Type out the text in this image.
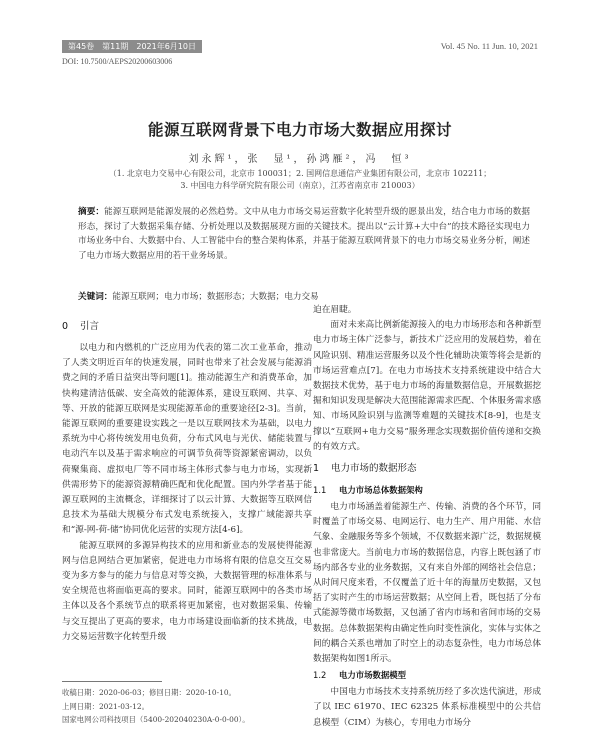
第45卷　第11期　2021年6月10日	Vol. 45 No. 11 Jun. 10, 2021
DOI: 10.7500/AEPS20200603006
能源互联网背景下电力市场大数据应用探讨
刘永辉¹，张　显¹，孙鸿雁²，冯　恒³
（1. 北京电力交易中心有限公司，北京市 100031；2. 国网信息通信产业集团有限公司，北京市 102211；
3. 中国电力科学研究院有限公司（南京），江苏省南京市 210003）
摘要：能源互联网是能源发展的必然趋势。文中从电力市场交易运营数字化转型升级的愿景出发，结合电力市场的数据形态，探讨了大数据采集存储、分析处理以及数据展现方面的关键技术。提出以“云计算+大中台”的技术路径实现电力市场业务中台、大数据中台、人工智能中台的整合架构体系，并基于能源互联网背景下的电力市场交易业务分析，阐述了电力市场大数据应用的若干业务场景。
关键词：能源互联网；电力市场；数据形态；大数据；电力交易
0 引言

以电力和内燃机的广泛应用为代表的第二次工业革命，推动了人类文明近百年的快速发展，同时也带来了社会发展与能源消费之间的矛盾日益突出等问题[1]。推动能源生产和消费革命，加快构建清洁低碳、安全高效的能源体系，建设互联网、共享、对等、开放的能源互联网是实现能源革命的重要途径[2-3]。当前，能源互联网的重要建设实践之一是以互联网技术为基础，以电力系统为中心将传统发用电负荷，分布式风电与光伏、储能装置与电动汽车以及基于需求响应的可调节负荷等资源紧密调动，以负荷聚集商、虚拟电厂等不同市场主体形式参与电力市场，实现新供需形势下的能源资源精确匹配和优化配置。国内外学者基于能源互联网的主流概念，详细探讨了以云计算、大数据等互联网信息技术为基础大规模分布式发电系统接入，支撑广域能源共享和“源-网-荷-储”协同优化运营的实现方法[4-6]。

能源互联网的多源异构技术的应用和新业态的发展使得能源网与信息网结合更加紧密，促进电力市场将有限的信息交互交易变为多方参与的能力与信息对等交换，大数据管理的标准体系与安全规范也将面临更高的要求。同时，能源互联网中的各类市场主体以及各个系统节点的联系将更加紧密，也对数据采集、传输与交互提出了更高的要求，电力市场建设面临新的技术挑战，电力交易运营数字化转型升级

迫在眉睫。

面对未来高比例新能源接入的电力市场形态和各种新型电力市场主体广泛参与，新技术广泛应用的发展趋势，着在风险识别、精准运营服务以及个性化辅助决策等将会是新的市场运营难点[7]。在电力市场技术支持系统建设中结合大数据技术优势，基于电力市场的海量数据信息，开展数据挖掘和知识发现是解决大范围能源需求匹配、个体服务需求感知、市场风险识别与监测等难题的关键技术[8-9]，也是支撑以“互联网+电力交易”服务理念实现数据价值传递和交换的有效方式。

1 电力市场的数据形态
1.1 电力市场总体数据架构

电力市场涵盖着能源生产、传输、消费的各个环节，同时覆盖了市场交易、电网运行、电力生产、用户用能、水信气象、金融服务等多个领域，不仅数据来源广泛，数据规模也非常庞大。当前电力市场的数据信息，内容上既包涵了市场内部各专业的业务数据，又有来自外部的网络社会信息；从时间尺度来看，不仅覆盖了近十年的海量历史数据，又包括了实时产生的市场运营数据；从空间上看，既包括了分布式能源等微市场数据，又包涵了省内市场和省间市场的交易数据。总体数据架构由确定性向时变性演化，实体与实体之间的耦合关系也增加了时空上的动态复杂性，电力市场总体数据架构如图1所示。

1.2 电力市场数据模型

中国电力市场技术支持系统历经了多次迭代演进，形成了以 IEC 61970、IEC 62325 体系标准模型中的公共信息模型（CIM）为核心，专用电力市场分

收稿日期：2020-06-03；修回日期：2020-10-10。
上网日期：2021-03-12。
国家电网公司科技项目（5400-202040230A-0-0-00）。
